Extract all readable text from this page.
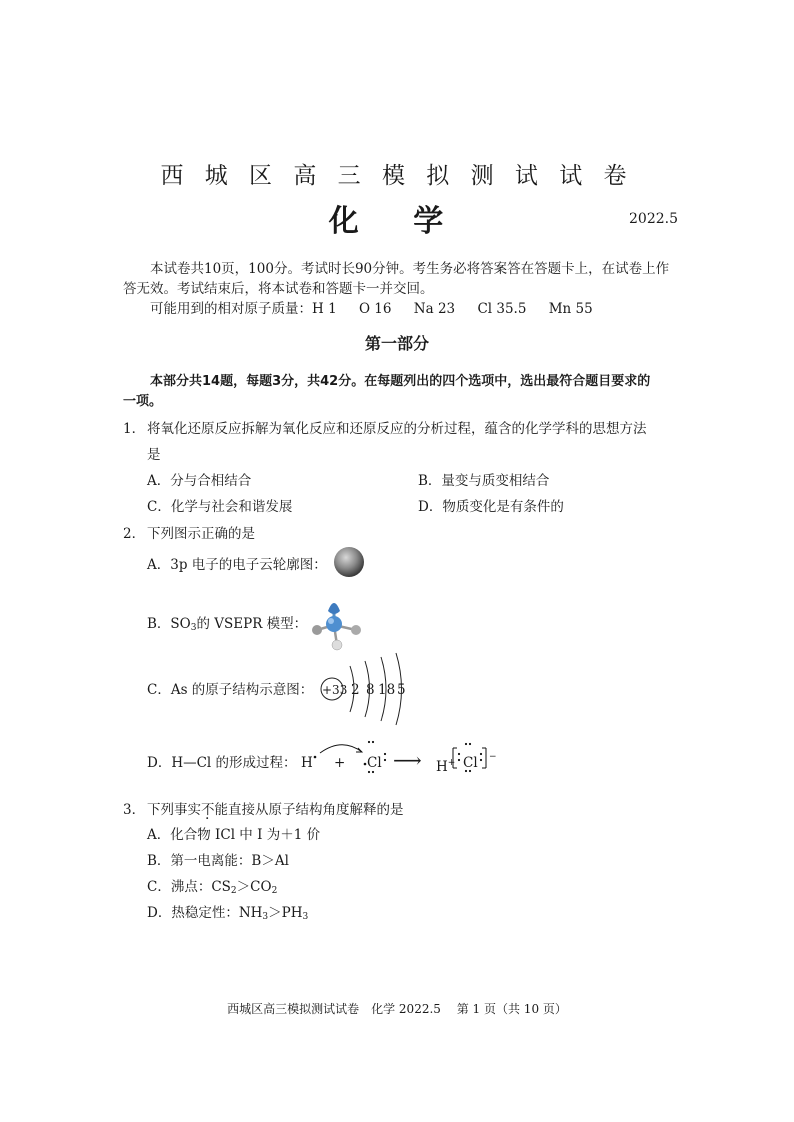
西 城 区 高 三 模 拟 测 试 试 卷
化 学	2022.5
本试卷共10页，100分。考试时长90分钟。考生务必将答案答在答题卡上，在试卷上作
答无效。考试结束后，将本试卷和答题卡一并交回。
可能用到的相对原子质量：H 1 O 16 Na 23 Cl 35.5 Mn 55
第一部分
本部分共14题，每题3分，共42分。在每题列出的四个选项中，选出最符合题目要求的
一项。
1． 将氧化还原反应拆解为氧化反应和还原反应的分析过程，蕴含的化学学科的思想方法
是
A．分与合相结合	B．量变与质变相结合
C．化学与社会和谐发展	D．物质变化是有条件的
2． 下列图示正确的是
A．3p 电子的电子云轮廓图：
B．$SO_3$的 VSEPR 模型：
C．As 的原子结构示意图： +33 2 8 18 5
D．H—Cl 的形成过程： H + Cl ⟶ H+ Cl −
3． 下列事实不能直接从原子结构角度解释的是
A．化合物 ICl 中 I 为＋1 价
B．第一电离能：B＞Al
C．沸点：$CS_2>CO_2$
D．热稳定性：$NH_3>PH_3$
西城区高三模拟测试试卷　化学 2022.5　 第 1 页（共 10 页）
